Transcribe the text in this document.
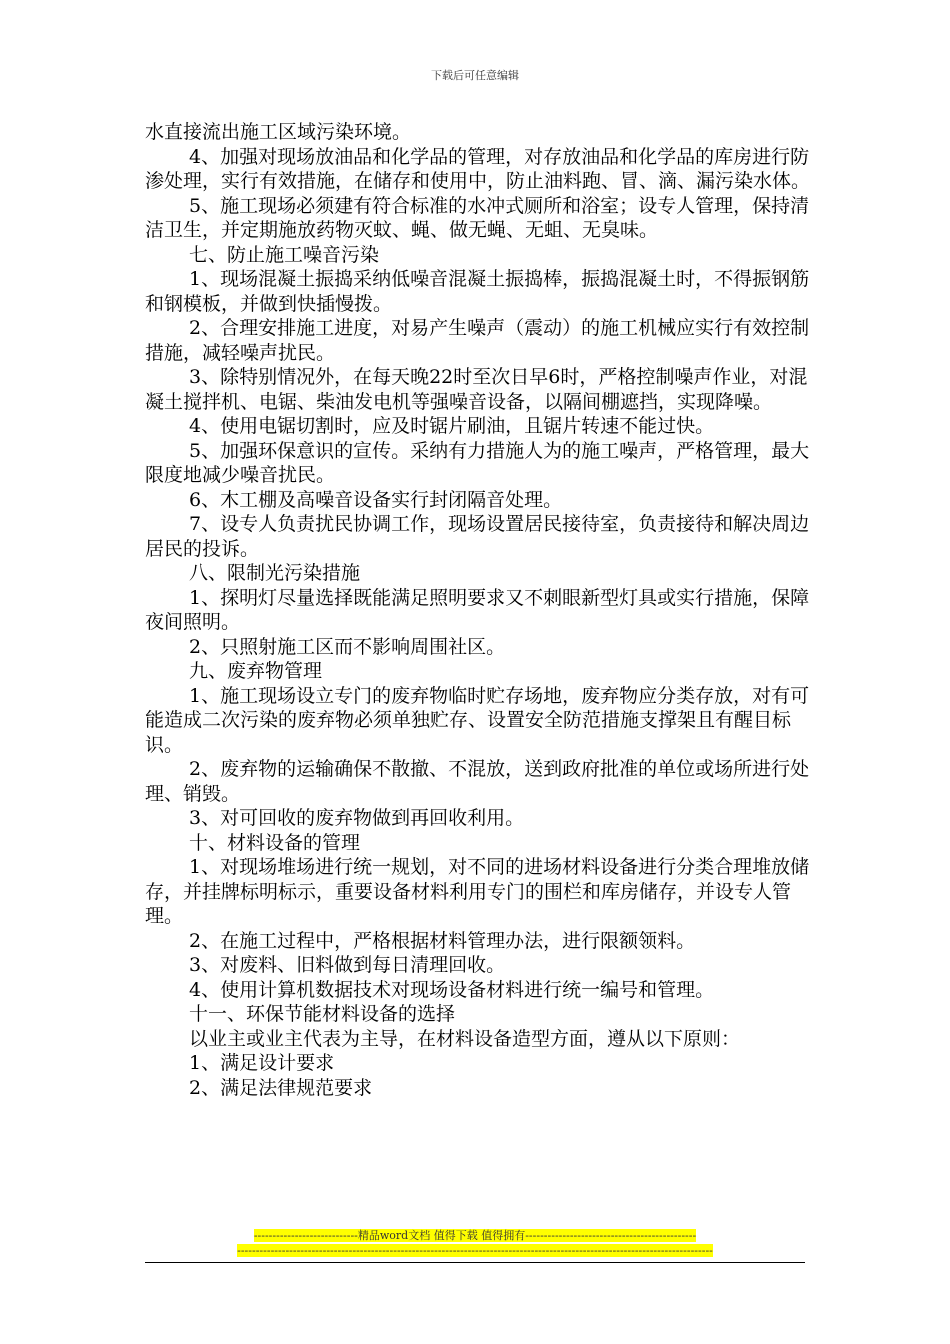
下载后可任意编辑

水直接流出施工区域污染环境。

4、加强对现场放油品和化学品的管理，对存放油品和化学品的库房进行防渗处理，实行有效措施，在储存和使用中，防止油料跑、冒、滴、漏污染水体。

5、施工现场必须建有符合标准的水冲式厕所和浴室；设专人管理，保持清洁卫生，并定期施放药物灭蚊、蝇、做无蝇、无蛆、无臭味。

七、防止施工噪音污染

1、现场混凝土振捣采纳低噪音混凝土振捣棒，振捣混凝土时，不得振钢筋和钢模板，并做到快插慢拨。

2、合理安排施工进度，对易产生噪声（震动）的施工机械应实行有效控制措施，减轻噪声扰民。

3、除特别情况外，在每天晚22时至次日早6时，严格控制噪声作业，对混凝土搅拌机、电锯、柴油发电机等强噪音设备，以隔间棚遮挡，实现降噪。

4、使用电锯切割时，应及时锯片刷油，且锯片转速不能过快。

5、加强环保意识的宣传。采纳有力措施人为的施工噪声，严格管理，最大限度地减少噪音扰民。

6、木工棚及高噪音设备实行封闭隔音处理。

7、设专人负责扰民协调工作，现场设置居民接待室，负责接待和解决周边居民的投诉。

八、限制光污染措施

1、探明灯尽量选择既能满足照明要求又不刺眼新型灯具或实行措施，保障夜间照明。

2、只照射施工区而不影响周围社区。

九、废弃物管理

1、施工现场设立专门的废弃物临时贮存场地，废弃物应分类存放，对有可能造成二次污染的废弃物必须单独贮存、设置安全防范措施支撑架且有醒目标识。

2、废弃物的运输确保不散撤、不混放，送到政府批准的单位或场所进行处理、销毁。

3、对可回收的废弃物做到再回收利用。

十、材料设备的管理

1、对现场堆场进行统一规划，对不同的进场材料设备进行分类合理堆放储存，并挂牌标明标示，重要设备材料利用专门的围栏和库房储存，并设专人管理。

2、在施工过程中，严格根据材料管理办法，进行限额领料。

3、对废料、旧料做到每日清理回收。

4、使用计算机数据技术对现场设备材料进行统一编号和管理。

十一、环保节能材料设备的选择

以业主或业主代表为主导，在材料设备造型方面，遵从以下原则：

1、满足设计要求

2、满足法律规范要求

----------------------------精品word文档 值得下载 值得拥有----------------------------------------------
--------------------------------------------------------------------------------------------------------------------------------
